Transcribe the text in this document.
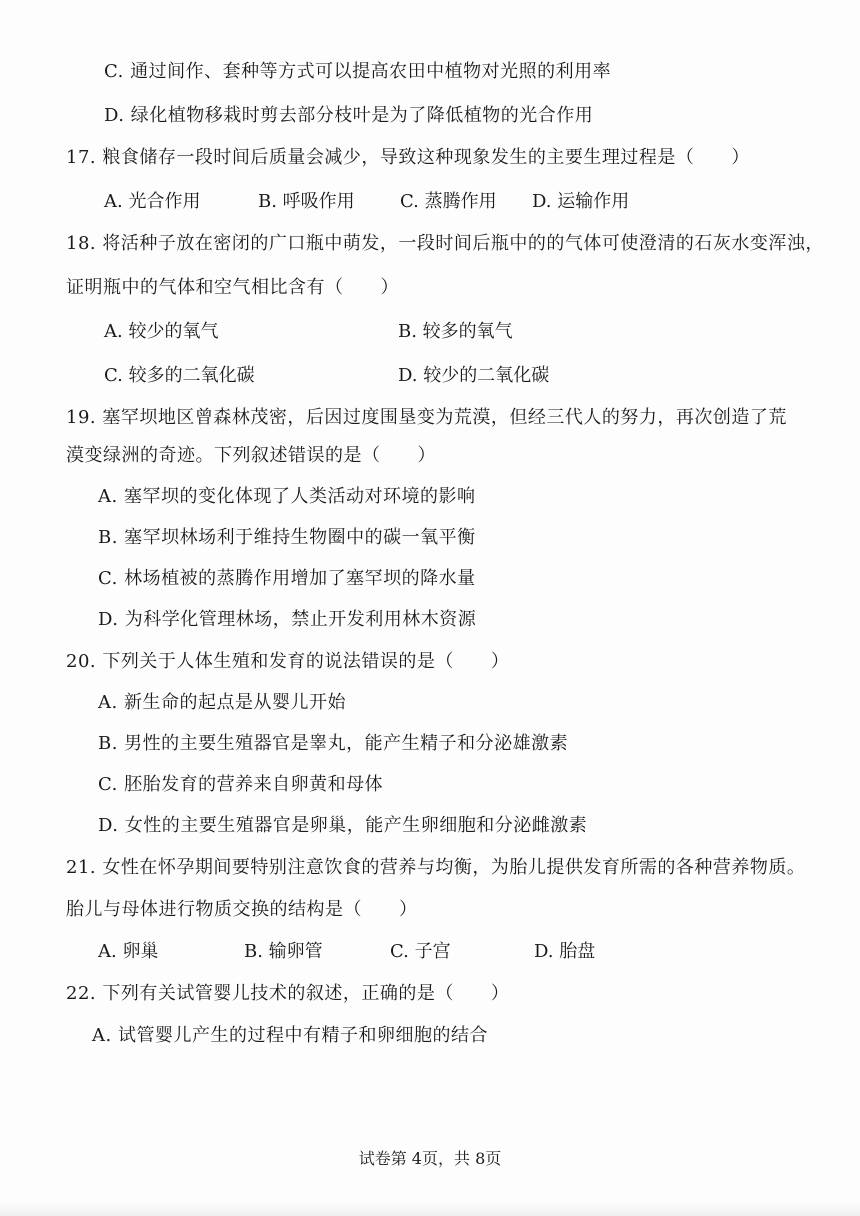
C. 通过间作、套种等方式可以提高农田中植物对光照的利用率
D. 绿化植物移栽时剪去部分枝叶是为了降低植物的光合作用
17. 粮食储存一段时间后质量会减少，导致这种现象发生的主要生理过程是（　　）
A. 光合作用	B. 呼吸作用	C. 蒸腾作用 D. 运输作用
18. 将活种子放在密闭的广口瓶中萌发，一段时间后瓶中的的气体可使澄清的石灰水变浑浊，
证明瓶中的气体和空气相比含有（　　）
A. 较少的氧气	B. 较多的氧气
C. 较多的二氧化碳	D. 较少的二氧化碳
19. 塞罕坝地区曾森林茂密，后因过度围垦变为荒漠，但经三代人的努力，再次创造了荒
漠变绿洲的奇迹。下列叙述错误的是（　　）
A. 塞罕坝的变化体现了人类活动对环境的影响
B. 塞罕坝林场利于维持生物圈中的碳一氧平衡
C. 林场植被的蒸腾作用增加了塞罕坝的降水量
D. 为科学化管理林场，禁止开发利用林木资源
20. 下列关于人体生殖和发育的说法错误的是（　　）
A. 新生命的起点是从婴儿开始
B. 男性的主要生殖器官是睾丸，能产生精子和分泌雄激素
C. 胚胎发育的营养来自卵黄和母体
D. 女性的主要生殖器官是卵巢，能产生卵细胞和分泌雌激素
21. 女性在怀孕期间要特别注意饮食的营养与均衡，为胎儿提供发育所需的各种营养物质。
胎儿与母体进行物质交换的结构是（　　）
A. 卵巢	B. 输卵管	C. 子宫	D. 胎盘
22. 下列有关试管婴儿技术的叙述，正确的是（　　）
A. 试管婴儿产生的过程中有精子和卵细胞的结合
试卷第 4页，共 8页
